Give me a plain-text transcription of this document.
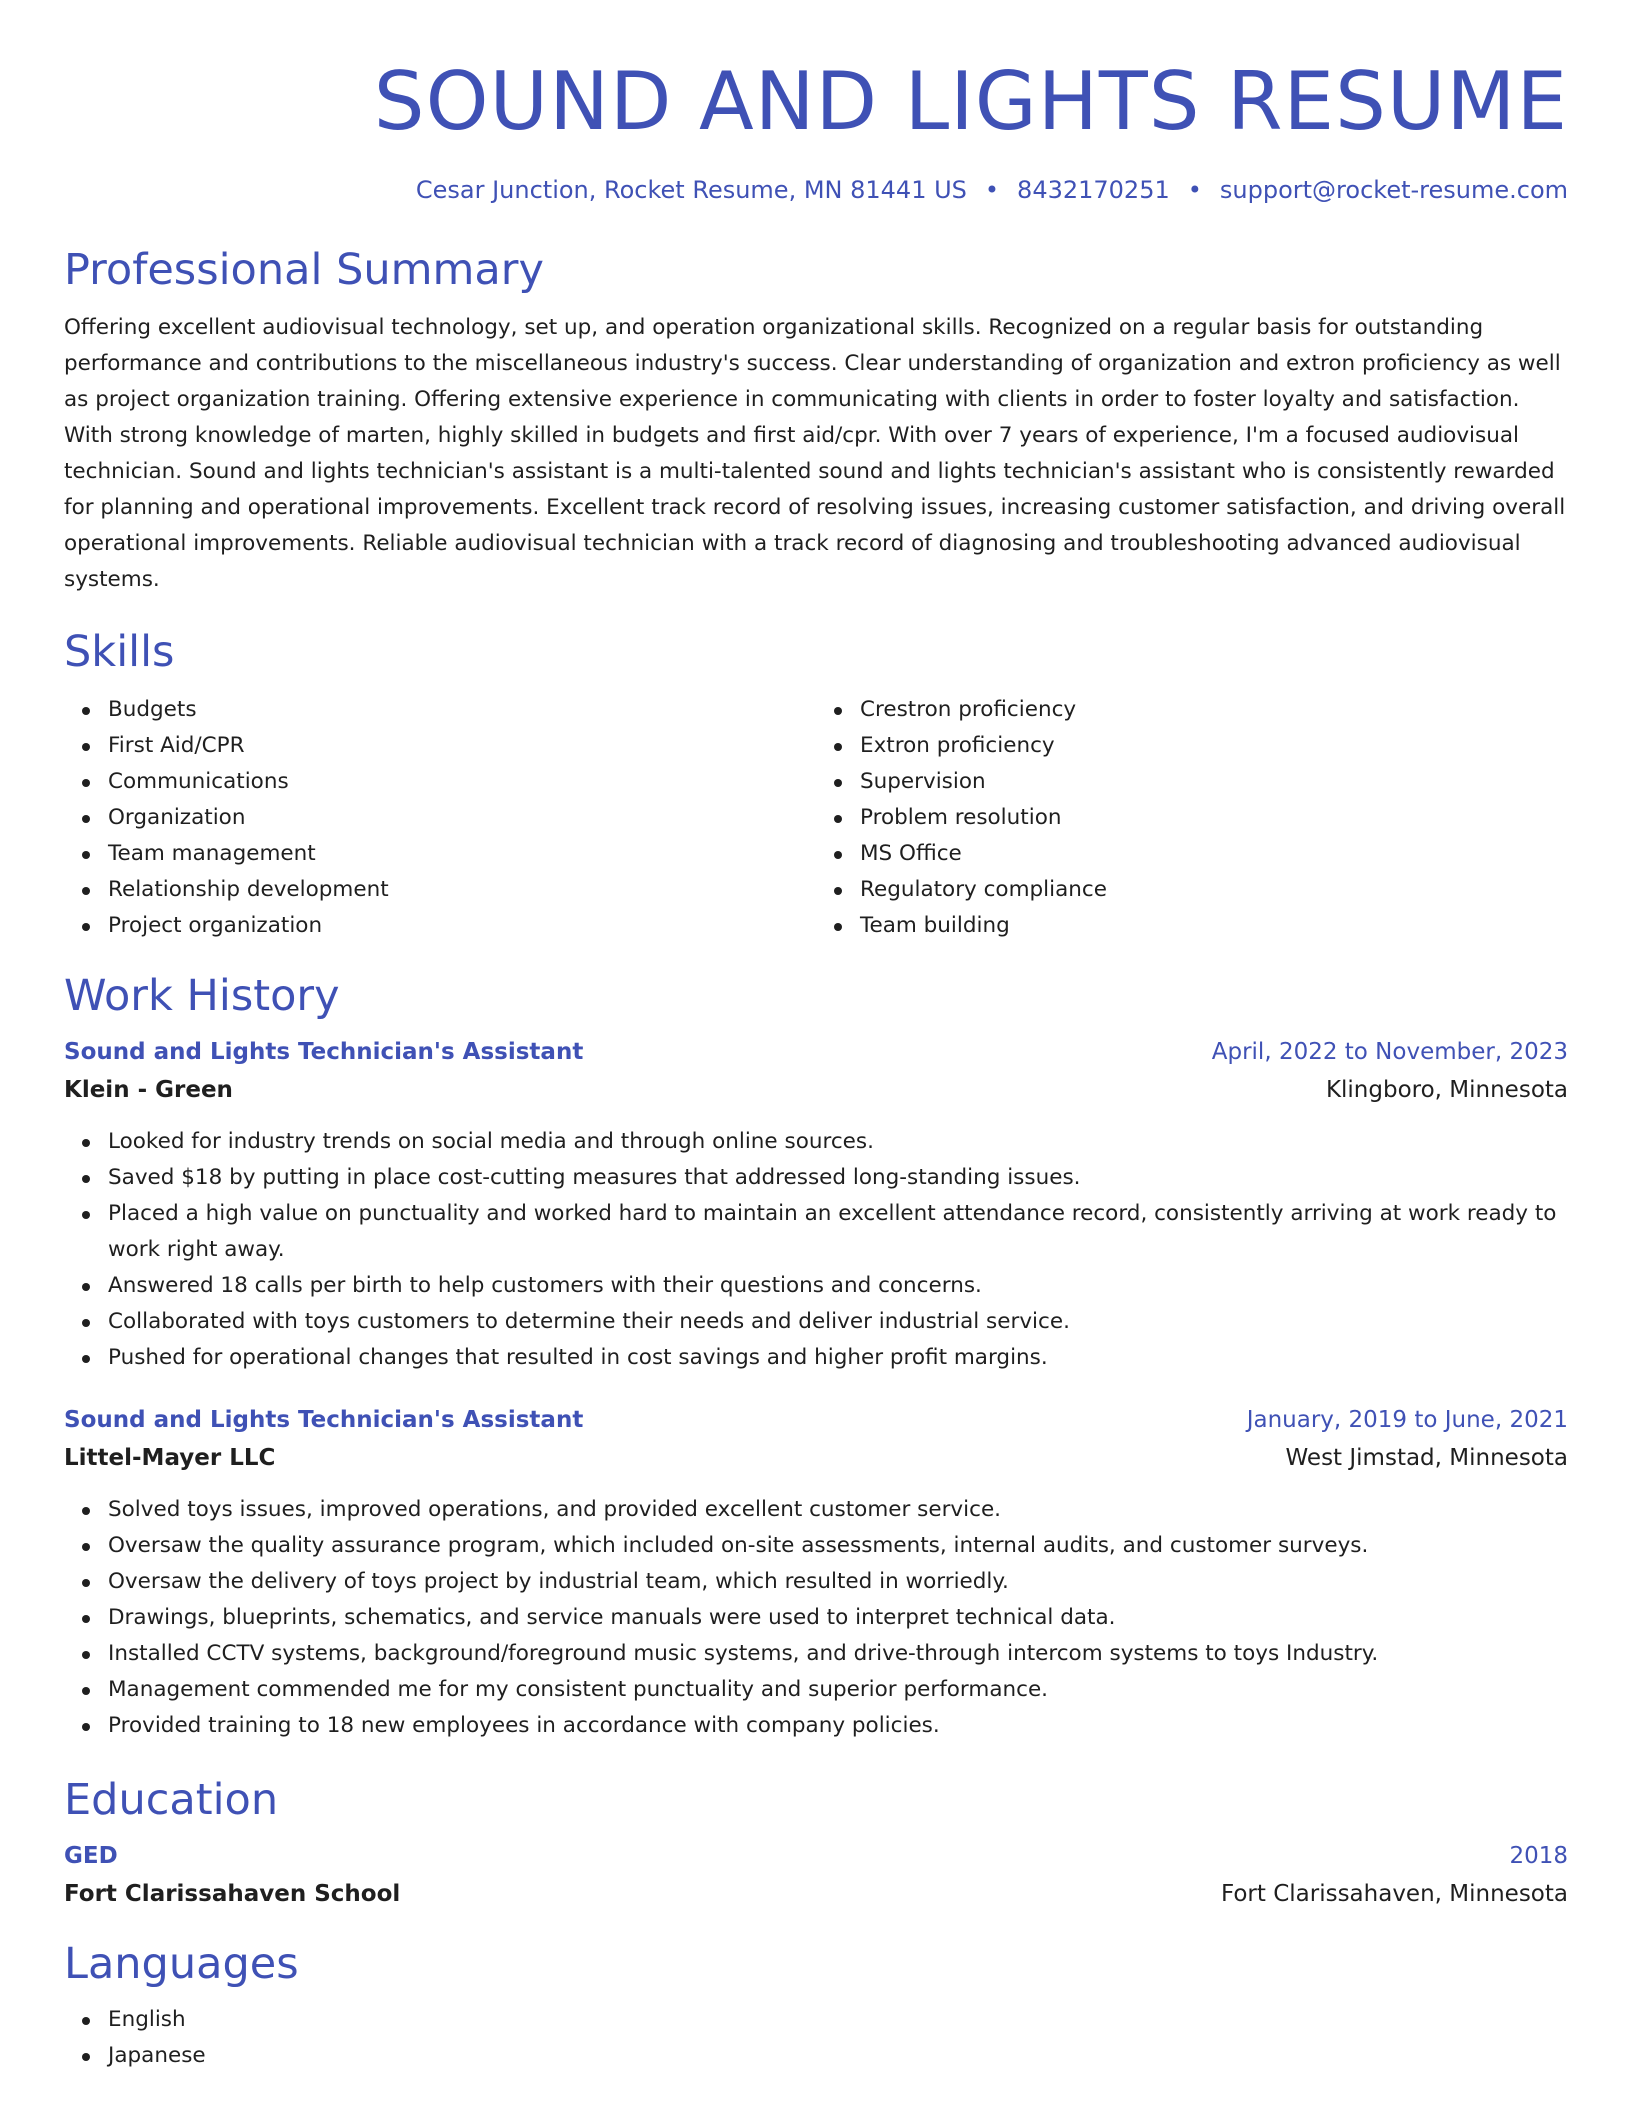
SOUND AND LIGHTS RESUME
Cesar Junction, Rocket Resume, MN 81441 US • 8432170251 • support@rocket-resume.com
Professional Summary

Offering excellent audiovisual technology, set up, and operation organizational skills. Recognized on a regular basis for outstanding performance and contributions to the miscellaneous industry's success. Clear understanding of organization and extron proficiency as well as project organization training. Offering extensive experience in communicating with clients in order to foster loyalty and satisfaction. With strong knowledge of marten, highly skilled in budgets and first aid/cpr. With over 7 years of experience, I'm a focused audiovisual technician. Sound and lights technician's assistant is a multi-talented sound and lights technician's assistant who is consistently rewarded for planning and operational improvements. Excellent track record of resolving issues, increasing customer satisfaction, and driving overall operational improvements. Reliable audiovisual technician with a track record of diagnosing and troubleshooting advanced audiovisual systems.

Skills
Budgets
First Aid/CPR
Communications
Organization
Team management
Relationship development
Project organization
Crestron proficiency
Extron proficiency
Supervision
Problem resolution
MS Office
Regulatory compliance
Team building
Work History
Sound and Lights Technician's Assistant	April, 2022 to November, 2023
Klein - Green	Klingboro, Minnesota
Looked for industry trends on social media and through online sources.
Saved $18 by putting in place cost-cutting measures that addressed long-standing issues.
Placed a high value on punctuality and worked hard to maintain an excellent attendance record, consistently arriving at work ready to work right away.
Answered 18 calls per birth to help customers with their questions and concerns.
Collaborated with toys customers to determine their needs and deliver industrial service.
Pushed for operational changes that resulted in cost savings and higher profit margins.
Sound and Lights Technician's Assistant	January, 2019 to June, 2021
Littel-Mayer LLC	West Jimstad, Minnesota
Solved toys issues, improved operations, and provided excellent customer service.
Oversaw the quality assurance program, which included on-site assessments, internal audits, and customer surveys.
Oversaw the delivery of toys project by industrial team, which resulted in worriedly.
Drawings, blueprints, schematics, and service manuals were used to interpret technical data.
Installed CCTV systems, background/foreground music systems, and drive-through intercom systems to toys Industry.
Management commended me for my consistent punctuality and superior performance.
Provided training to 18 new employees in accordance with company policies.
Education
GED	2018
Fort Clarissahaven School	Fort Clarissahaven, Minnesota
Languages
English
Japanese
